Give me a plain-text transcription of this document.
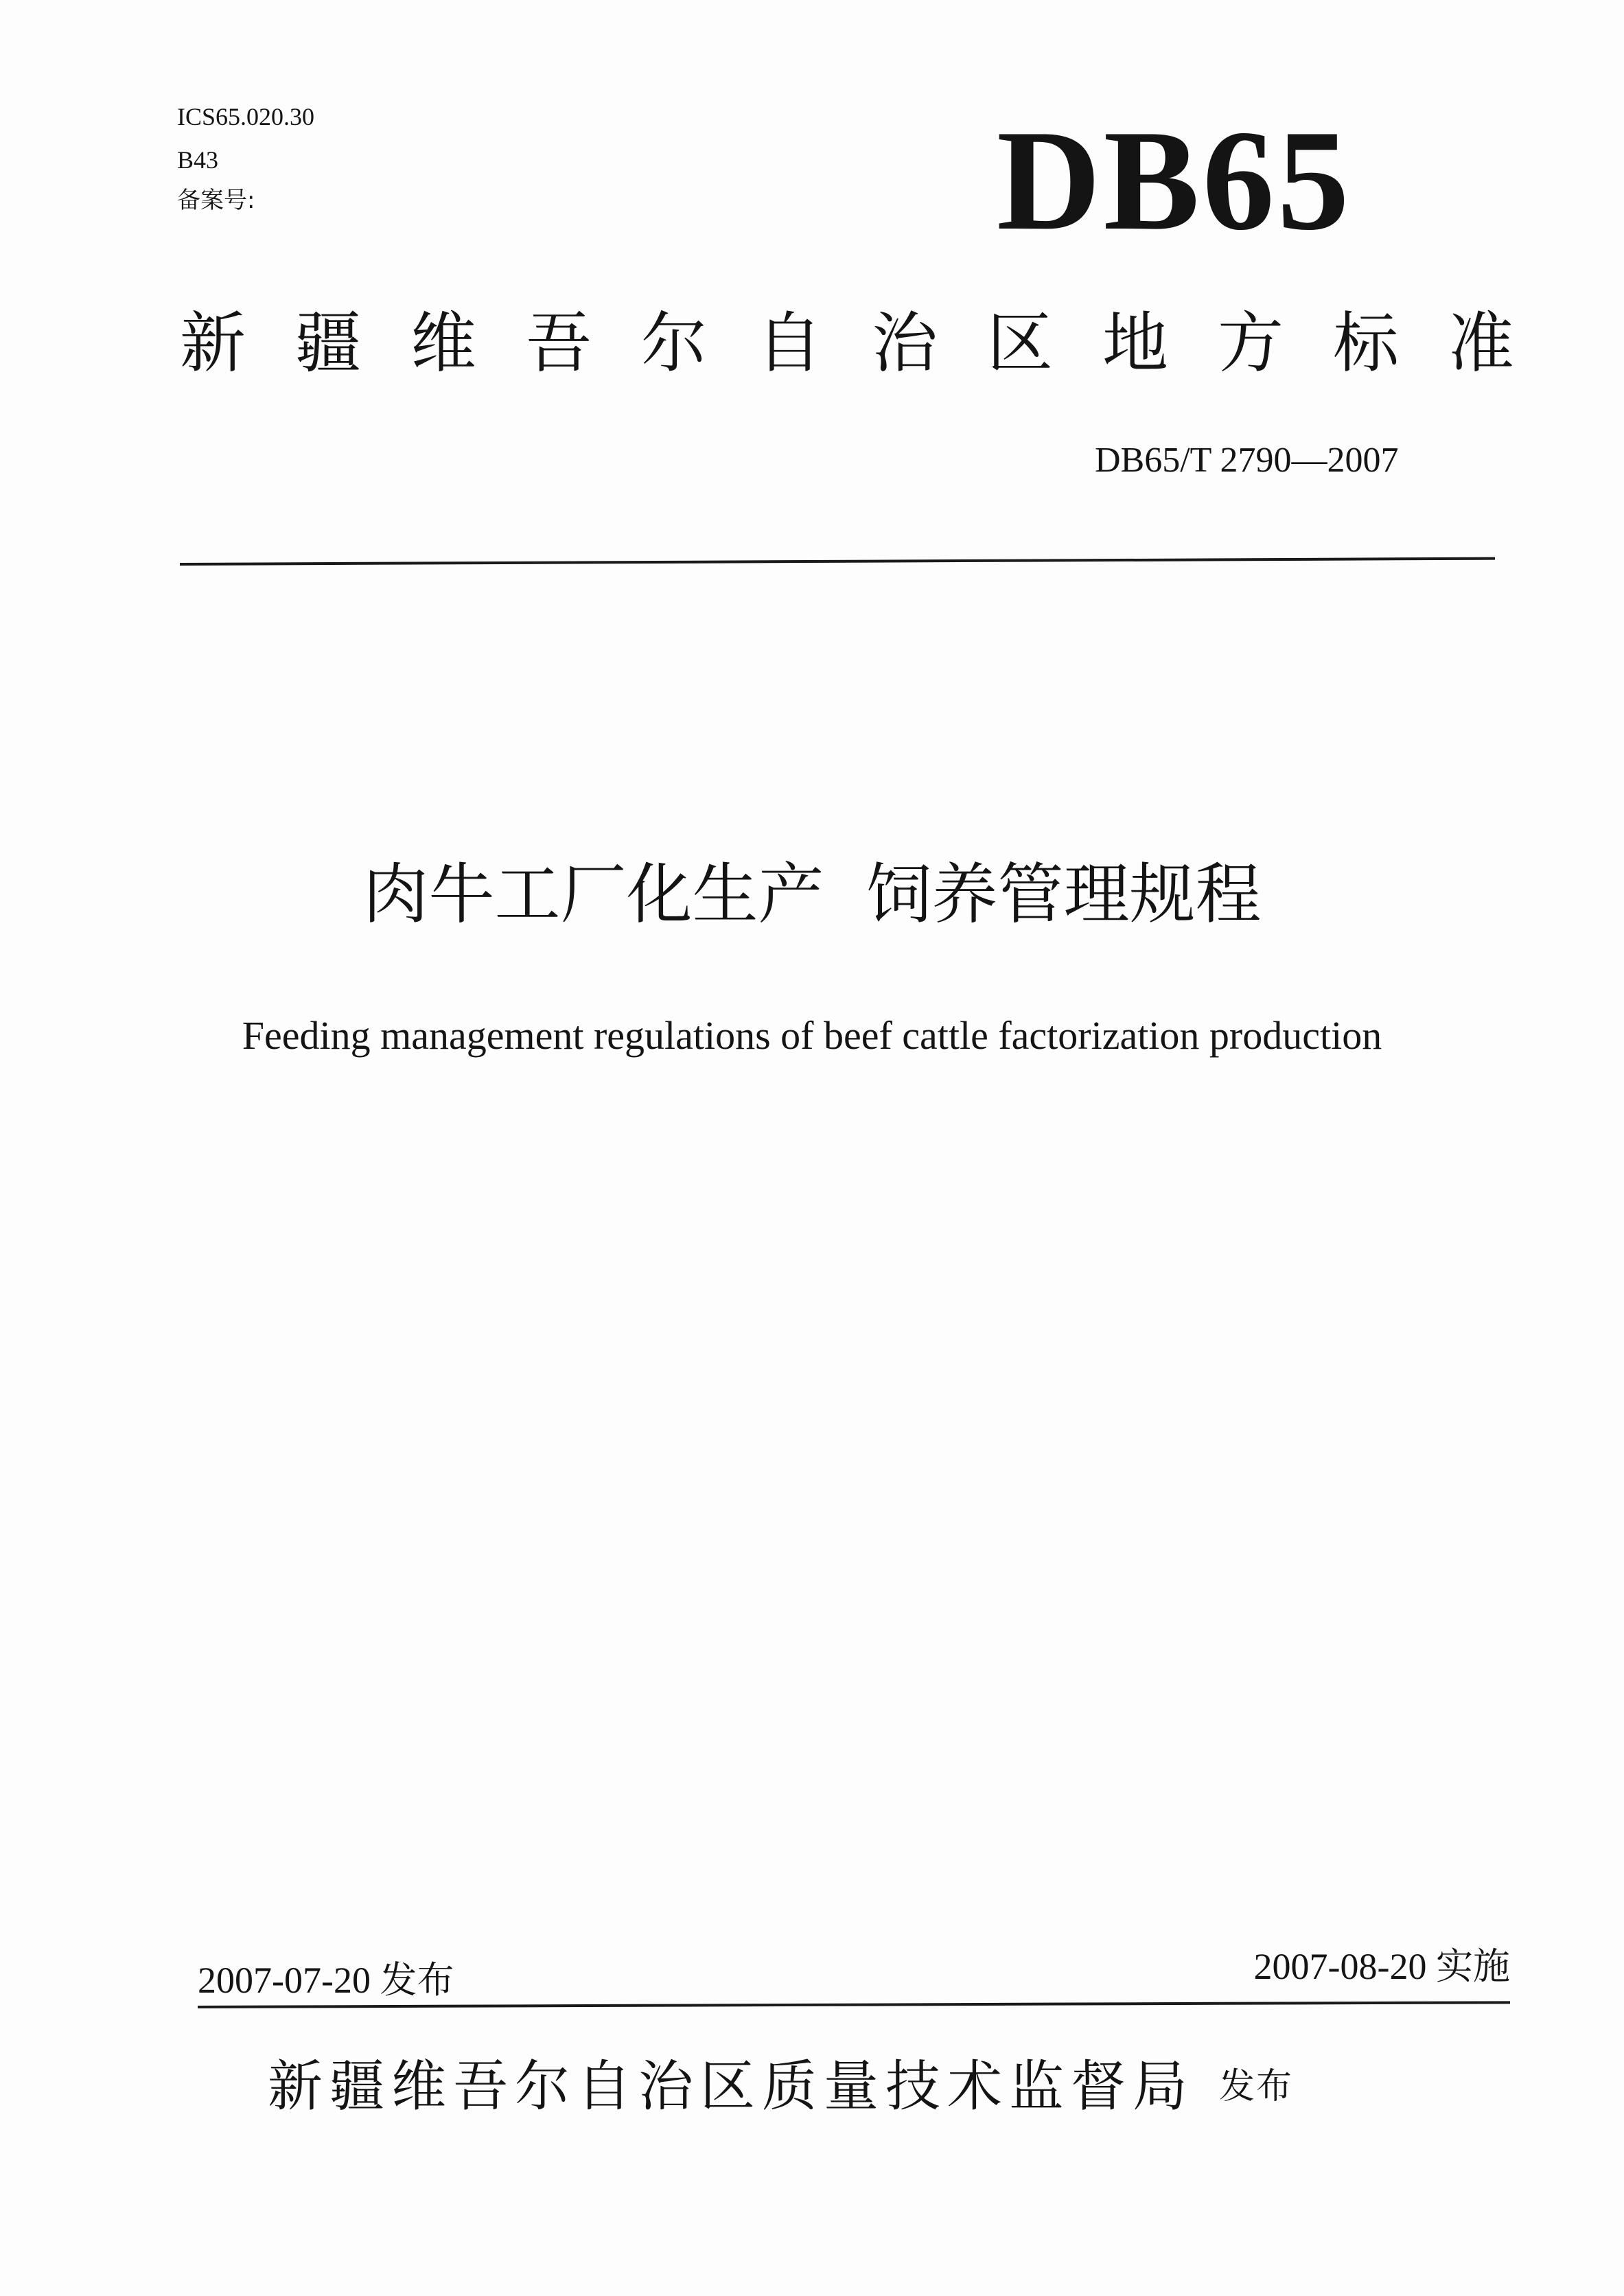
ICS65.020.30
B43
备案号:	DB65
新疆维吾尔自治区地方标准
DB65/T 2790—2007
肉牛工厂化生产  饲养管理规程
Feeding management regulations of beef cattle factorization production
2007-07-20 发布	2007-08-20 实施
新疆维吾尔自治区质量技术监督局 发布
